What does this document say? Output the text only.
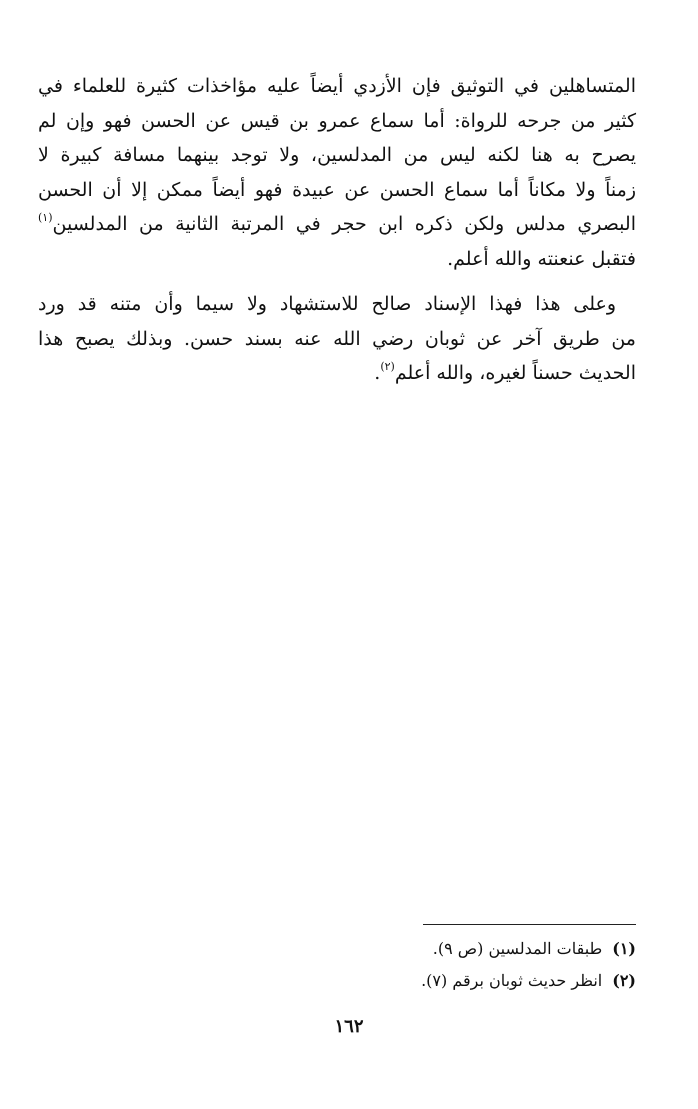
المتساهلين في التوثيق فإن الأزدي أيضاً عليه مؤاخذات كثيرة للعلماء في
كثير من جرحه للرواة: أما سماع عمرو بن قيس عن الحسن فهو وإن لم
يصرح به هنا لكنه ليس من المدلسين، ولا توجد بينهما مسافة كبيرة لا
زمناً ولا مكاناً أما سماع الحسن عن عبيدة فهو أيضاً ممكن إلا أن الحسن
البصري مدلس ولكن ذكره ابن حجر في المرتبة الثانية من المدلسين$^{(١)}$
فتقبل عنعنته والله أعلم.
وعلى هذا فهذا الإسناد صالح للاستشهاد ولا سيما وأن متنه قد ورد
من طريق آخر عن ثوبان رضي الله عنه بسند حسن. وبذلك يصبح هذا
الحديث حسناً لغيره، والله أعلم$^{(٢)}$.
(١)طبقات المدلسين (ص ٩).
(٢)انظر حديث ثوبان برقم (٧).
١٦٢
